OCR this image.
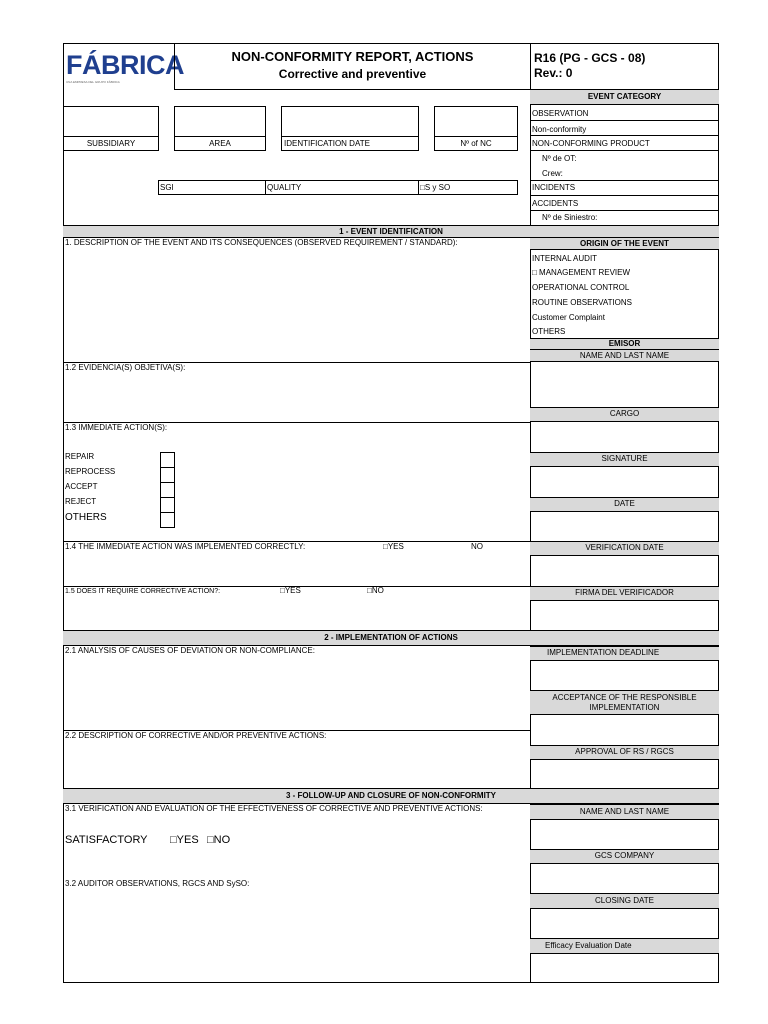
FÁBRICA
UNA EMPRESA DEL GRUPO FÁBRICA
NON-CONFORMITY REPORT, ACTIONS
Corrective and preventive
R16 (PG - GCS - 08)
Rev.: 0
SUBSIDIARY	AREA	IDENTIFICATION DATE	Nº of NC
SGI	QUALITY	□S y SO
EVENT CATEGORY
OBSERVATION
Non-conformity
NON-CONFORMING PRODUCT
Nº de OT:
Crew:
INCIDENTS
ACCIDENTS
Nº de Siniestro:
1 - EVENT IDENTIFICATION
1. DESCRIPTION OF THE EVENT AND ITS CONSEQUENCES (OBSERVED REQUIREMENT / STANDARD):	ORIGIN OF THE EVENT
INTERNAL AUDIT
□ MANAGEMENT REVIEW
OPERATIONAL CONTROL
ROUTINE OBSERVATIONS
Customer Complaint
OTHERS
EMISOR
NAME AND LAST NAME
CARGO
SIGNATURE
DATE
VERIFICATION DATE
FIRMA DEL VERIFICADOR
1.2 EVIDENCIA(S) OBJETIVA(S):
1.3 IMMEDIATE ACTION(S):
REPAIR
REPROCESS
ACCEPT
REJECT
OTHERS
1.4 THE IMMEDIATE ACTION WAS IMPLEMENTED CORRECTLY:	□YES	NO
1.5 DOES IT REQUIRE CORRECTIVE ACTION?:	□YES	□NO
2 - IMPLEMENTATION OF ACTIONS
2.1 ANALYSIS OF CAUSES OF DEVIATION OR NON-COMPLIANCE:
2.2 DESCRIPTION OF CORRECTIVE AND/OR PREVENTIVE ACTIONS:
IMPLEMENTATION DEADLINE
ACCEPTANCE OF THE RESPONSIBLE
IMPLEMENTATION
APPROVAL OF RS / RGCS
3 - FOLLOW-UP AND CLOSURE OF NON-CONFORMITY
3.1 VERIFICATION AND EVALUATION OF THE EFFECTIVENESS OF CORRECTIVE AND PREVENTIVE ACTIONS:
SATISFACTORY □YES □NO
3.2 AUDITOR OBSERVATIONS, RGCS AND SySO:
NAME AND LAST NAME
GCS COMPANY
CLOSING DATE
Efficacy Evaluation Date
